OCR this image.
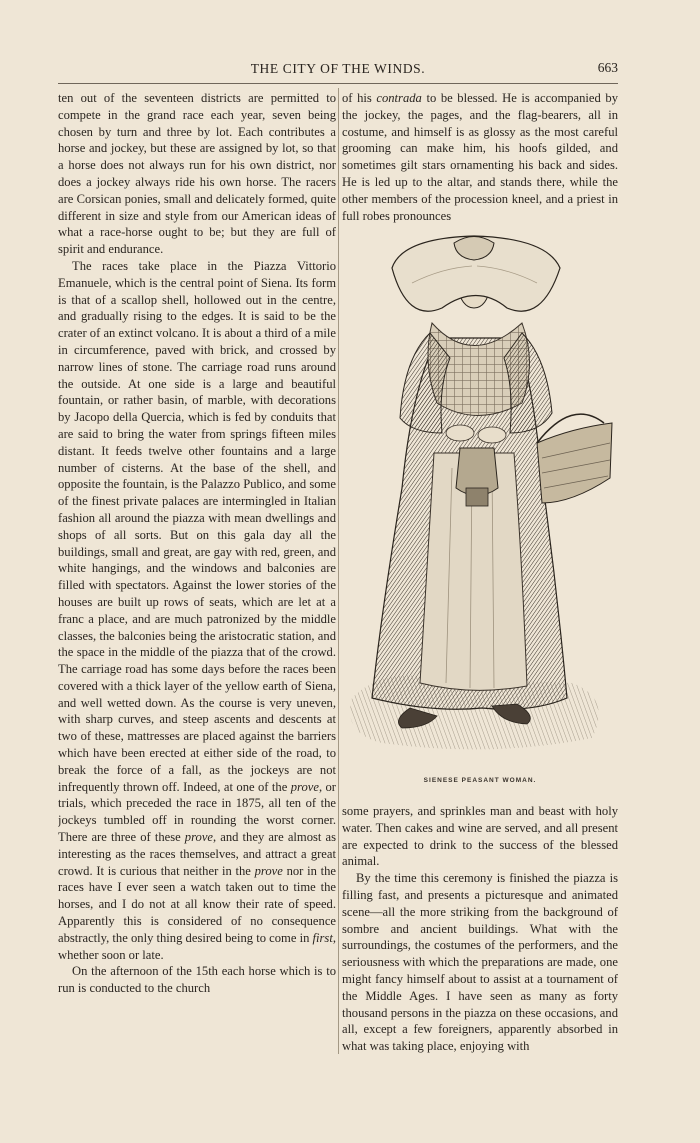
THE CITY OF THE WINDS.	663

ten out of the seventeen districts are permitted to compete in the grand race each year, seven being chosen by turn and three by lot. Each contributes a horse and jockey, but these are assigned by lot, so that a horse does not always run for his own district, nor does a jockey always ride his own horse. The racers are Corsican ponies, small and delicately formed, quite different in size and style from our American ideas of what a race-horse ought to be; but they are full of spirit and endurance.

The races take place in the Piazza Vittorio Emanuele, which is the central point of Siena. Its form is that of a scallop shell, hollowed out in the centre, and gradually rising to the edges. It is said to be the crater of an extinct volcano. It is about a third of a mile in circumference, paved with brick, and crossed by narrow lines of stone. The carriage road runs around the outside. At one side is a large and beautiful fountain, or rather basin, of marble, with decorations by Jacopo della Quercia, which is fed by conduits that are said to bring the water from springs fifteen miles distant. It feeds twelve other fountains and a large number of cisterns. At the base of the shell, and opposite the fountain, is the Palazzo Publico, and some of the finest private palaces are intermingled in Italian fashion all around the piazza with mean dwellings and shops of all sorts. But on this gala day all the buildings, small and great, are gay with red, green, and white hangings, and the windows and balconies are filled with spectators. Against the lower stories of the houses are built up rows of seats, which are let at a franc a place, and are much patronized by the middle classes, the balconies being the aristocratic station, and the space in the middle of the piazza that of the crowd. The carriage road has some days before the races been covered with a thick layer of the yellow earth of Siena, and well wetted down. As the course is very uneven, with sharp curves, and steep ascents and descents at two of these, mattresses are placed against the barriers which have been erected at either side of the road, to break the force of a fall, as the jockeys are not infrequently thrown off. Indeed, at one of the prove, or trials, which preceded the race in 1875, all ten of the jockeys tumbled off in rounding the worst corner. There are three of these prove, and they are almost as interesting as the races themselves, and attract a great crowd. It is curious that neither in the prove nor in the races have I ever seen a watch taken out to time the horses, and I do not at all know their rate of speed. Apparently this is considered of no consequence abstractly, the only thing desired being to come in first, whether soon or late.

On the afternoon of the 15th each horse which is to run is conducted to the church

of his contrada to be blessed. He is accompanied by the jockey, the pages, and the flag-bearers, all in costume, and himself is as glossy as the most careful grooming can make him, his hoofs gilded, and sometimes gilt stars ornamenting his back and sides. He is led up to the altar, and stands there, while the other members of the procession kneel, and a priest in full robes pronounces

SIENESE PEASANT WOMAN.

some prayers, and sprinkles man and beast with holy water. Then cakes and wine are served, and all present are expected to drink to the success of the blessed animal.

By the time this ceremony is finished the piazza is filling fast, and presents a picturesque and animated scene—all the more striking from the background of sombre and ancient buildings. What with the surroundings, the costumes of the performers, and the seriousness with which the preparations are made, one might fancy himself about to assist at a tournament of the Middle Ages. I have seen as many as forty thousand persons in the piazza on these occasions, and all, except a few foreigners, apparently absorbed in what was taking place, enjoying with
